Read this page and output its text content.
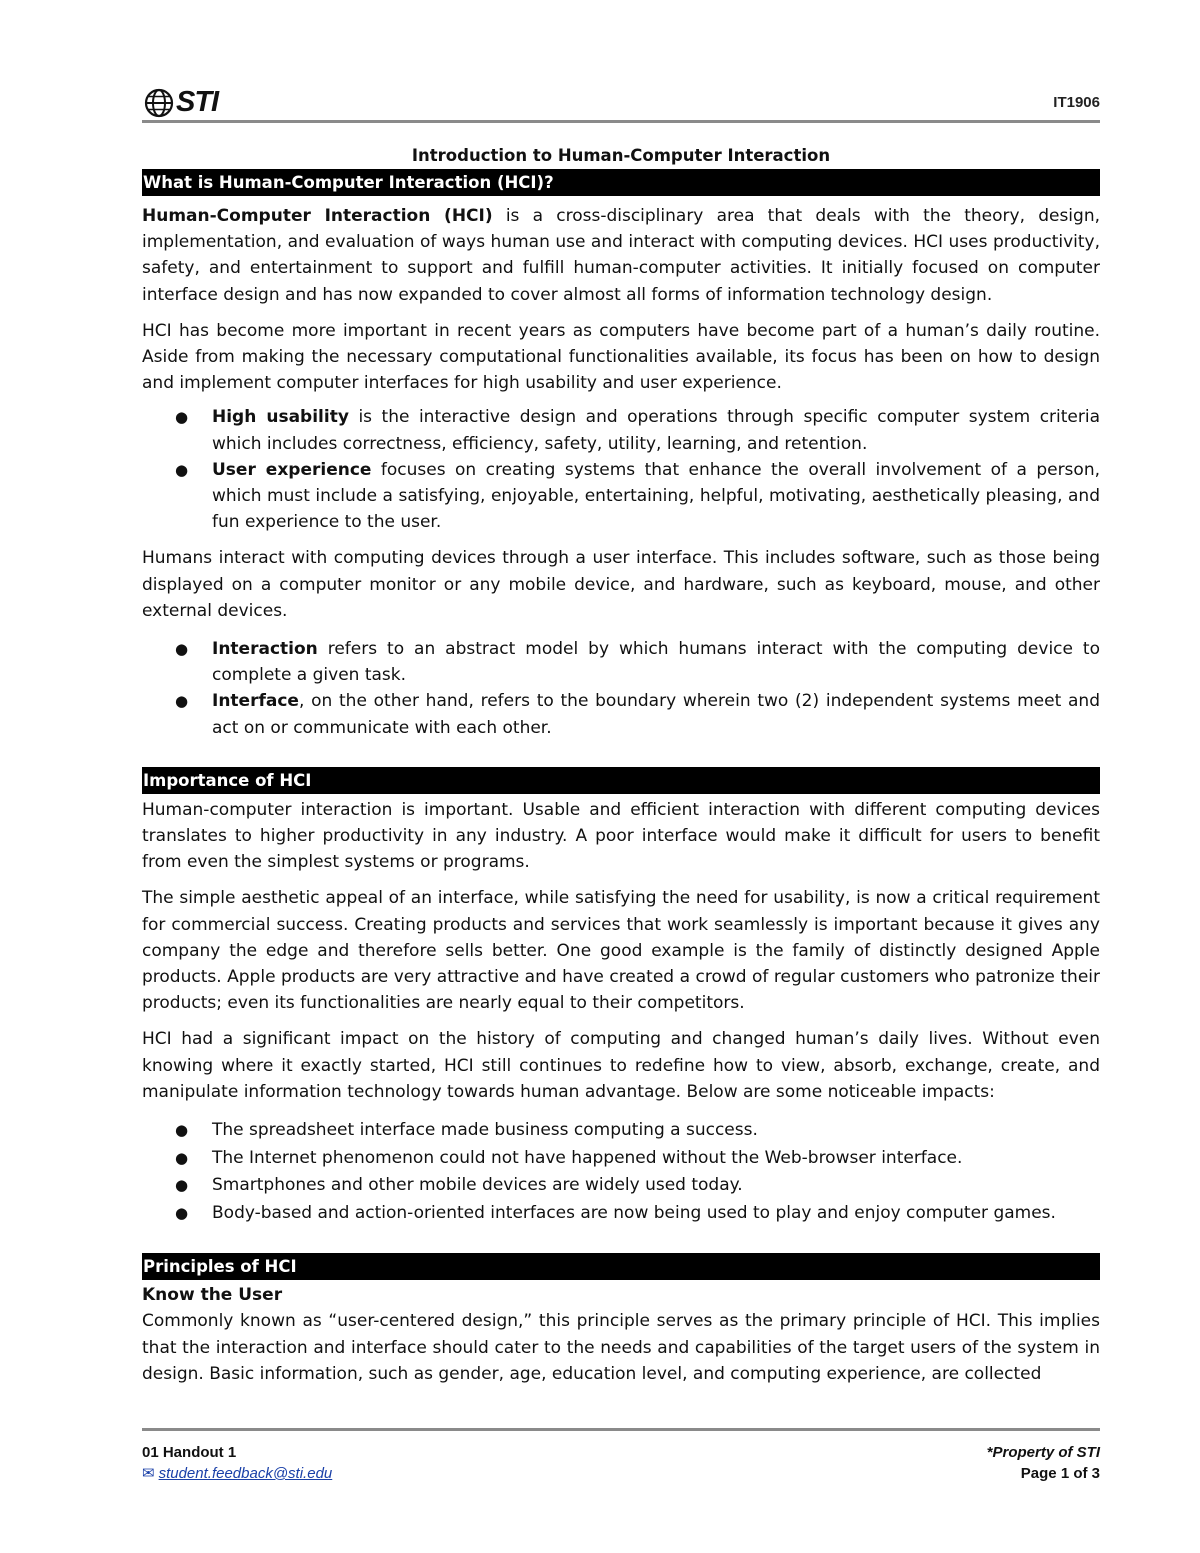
STI	IT1906
Introduction to Human-Computer Interaction
What is Human-Computer Interaction (HCI)?

Human-Computer Interaction (HCI) is a cross-disciplinary area that deals with the theory, design, implementation, and evaluation of ways human use and interact with computing devices. HCI uses productivity, safety, and entertainment to support and fulfill human-computer activities. It initially focused on computer interface design and has now expanded to cover almost all forms of information technology design.

HCI has become more important in recent years as computers have become part of a human’s daily routine. Aside from making the necessary computational functionalities available, its focus has been on how to design and implement computer interfaces for high usability and user experience.

● High usability is the interactive design and operations through specific computer system criteria which includes correctness, efficiency, safety, utility, learning, and retention.
● User experience focuses on creating systems that enhance the overall involvement of a person, which must include a satisfying, enjoyable, entertaining, helpful, motivating, aesthetically pleasing, and fun experience to the user.

Humans interact with computing devices through a user interface. This includes software, such as those being displayed on a computer monitor or any mobile device, and hardware, such as keyboard, mouse, and other external devices.

● Interaction refers to an abstract model by which humans interact with the computing device to complete a given task.
● Interface, on the other hand, refers to the boundary wherein two (2) independent systems meet and act on or communicate with each other.
Importance of HCI

Human-computer interaction is important. Usable and efficient interaction with different computing devices translates to higher productivity in any industry. A poor interface would make it difficult for users to benefit from even the simplest systems or programs.

The simple aesthetic appeal of an interface, while satisfying the need for usability, is now a critical requirement for commercial success. Creating products and services that work seamlessly is important because it gives any company the edge and therefore sells better. One good example is the family of distinctly designed Apple products. Apple products are very attractive and have created a crowd of regular customers who patronize their products; even its functionalities are nearly equal to their competitors.

HCI had a significant impact on the history of computing and changed human’s daily lives. Without even knowing where it exactly started, HCI still continues to redefine how to view, absorb, exchange, create, and manipulate information technology towards human advantage. Below are some noticeable impacts:

● The spreadsheet interface made business computing a success.
● The Internet phenomenon could not have happened without the Web-browser interface.
● Smartphones and other mobile devices are widely used today.
● Body-based and action-oriented interfaces are now being used to play and enjoy computer games.
Principles of HCI
Know the User

Commonly known as “user-centered design,” this principle serves as the primary principle of HCI. This implies that the interaction and interface should cater to the needs and capabilities of the target users of the system in design. Basic information, such as gender, age, education level, and computing experience, are collected

01 Handout 1
✉ student.feedback@sti.edu
*Property of STI
Page 1 of 3
